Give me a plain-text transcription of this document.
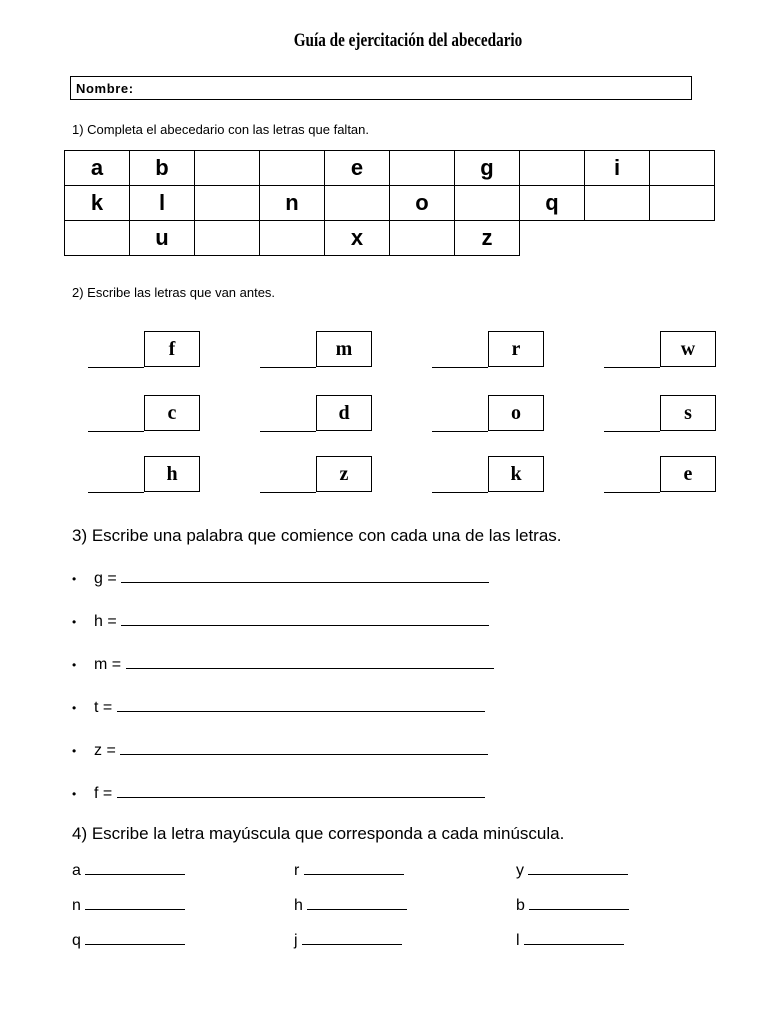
Guía de ejercitación del abecedario
Nombre:
1) Completa el abecedario con las letras que faltan.
a	b			e		g		i	
k	l		n		o		q		
	u			x		z			
2) Escribe las letras que van antes.
f	m	r	w
c	d	o	s
h	z	k	e
3) Escribe una palabra que comience con cada una de las letras.
• g =
• h =
• m =
• t =
• z =
• f =
4) Escribe la letra mayúscula que corresponda a cada minúscula.
a	r	y
n	h	b
q	j	l
